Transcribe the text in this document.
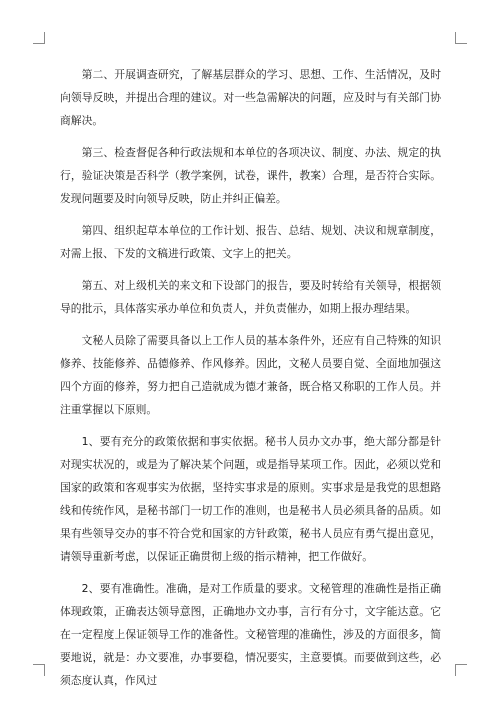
第二、开展调查研究，了解基层群众的学习、思想、工作、生活情况，及时向领导反映，并提出合理的建议。对一些急需解决的问题，应及时与有关部门协商解决。

第三、检查督促各种行政法规和本单位的各项决议、制度、办法、规定的执行，验证决策是否科学（教学案例，试卷，课件，教案）合理，是否符合实际。发现问题要及时向领导反映，防止并纠正偏差。

第四、组织起草本单位的工作计划、报告、总结、规划、决议和规章制度，对需上报、下发的文稿进行政策、文字上的把关。

第五、对上级机关的来文和下设部门的报告，要及时转给有关领导，根据领导的批示，具体落实承办单位和负责人，并负责催办，如期上报办理结果。

文秘人员除了需要具备以上工作人员的基本条件外，还应有自己特殊的知识修养、技能修养、品德修养、作风修养。因此，文秘人员要自觉、全面地加强这四个方面的修养，努力把自己造就成为德才兼备，既合格又称职的工作人员。并注重掌握以下原则。

1、要有充分的政策依据和事实依据。秘书人员办文办事，绝大部分都是针对现实状况的，或是为了解决某个问题，或是指导某项工作。因此，必须以党和国家的政策和客观事实为依据，坚持实事求是的原则。实事求是是我党的思想路线和传统作风，是秘书部门一切工作的准则，也是秘书人员必须具备的品质。如果有些领导交办的事不符合党和国家的方针政策，秘书人员应有勇气提出意见，请领导重新考虑，以保证正确贯彻上级的指示精神，把工作做好。

2、要有准确性。准确，是对工作质量的要求。文秘管理的准确性是指正确体现政策，正确表达领导意图，正确地办文办事，言行有分寸，文字能达意。它在一定程度上保证领导工作的准备性。文秘管理的准确性，涉及的方面很多，简要地说，就是：办文要准，办事要稳，情况要实，主意要慎。而要做到这些，必须态度认真，作风过
